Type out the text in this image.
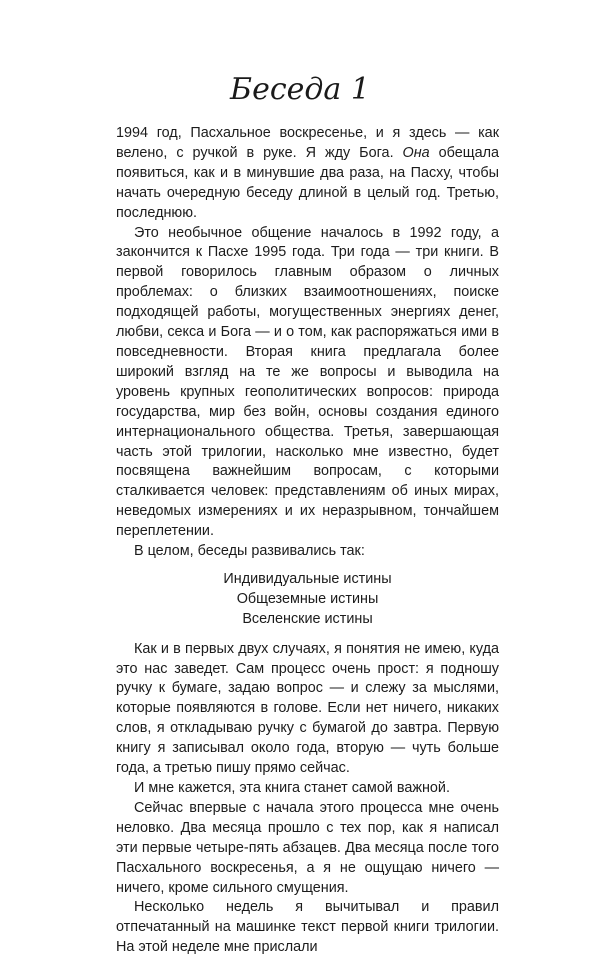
Беседа 1

1994 год, Пасхальное воскресенье, и я здесь — как велено, с ручкой в руке. Я жду Бога. Она обещала появиться, как и в минувшие два раза, на Пасху, чтобы начать очередную беседу длиной в целый год. Третью, последнюю.

Это необычное общение началось в 1992 году, а закончится к Пасхе 1995 года. Три года — три книги. В первой говорилось главным образом о личных проблемах: о близких взаимоотношениях, поиске подходящей работы, могущественных энергиях денег, любви, секса и Бога — и о том, как распоряжаться ими в повседневности. Вторая книга предлагала более широкий взгляд на те же вопросы и выводила на уровень крупных геополитических вопросов: природа государства, мир без войн, основы создания единого интернационального общества. Третья, завершающая часть этой трилогии, насколько мне известно, будет посвящена важнейшим вопросам, с которыми сталкивается человек: представлениям об иных мирах, неведомых измерениях и их неразрывном, тончайшем переплетении.

В целом, беседы развивались так:

Индивидуальные истины
Общеземные истины
Вселенские истины

Как и в первых двух случаях, я понятия не имею, куда это нас заведет. Сам процесс очень прост: я подношу ручку к бумаге, задаю вопрос — и слежу за мыслями, которые появляются в голове. Если нет ничего, никаких слов, я откладываю ручку с бумагой до завтра. Первую книгу я записывал около года, вторую — чуть больше года, а третью пишу прямо сейчас.

И мне кажется, эта книга станет самой важной.

Сейчас впервые с начала этого процесса мне очень неловко. Два месяца прошло с тех пор, как я написал эти первые четыре-пять абзацев. Два месяца после того Пасхального воскресенья, а я не ощущаю ничего — ничего, кроме сильного смущения.

Несколько недель я вычитывал и правил отпечатанный на машинке текст первой книги трилогии. На этой неделе мне прислали
